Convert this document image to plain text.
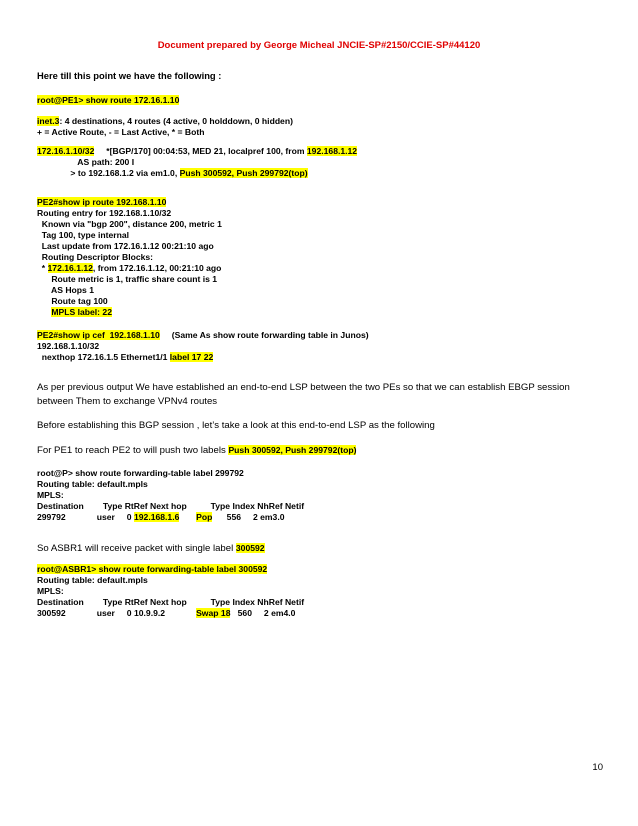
Document prepared by George Micheal JNCIE-SP#2150/CCIE-SP#44120
Here till this point we have the following :
root@PE1> show route 172.16.1.10
inet.3: 4 destinations, 4 routes (4 active, 0 holddown, 0 hidden)
+ = Active Route, - = Last Active, * = Both
172.16.1.10/32     *[BGP/170] 00:04:53, MED 21, localpref 100, from 192.168.1.12
AS path: 200 I
> to 192.168.1.2 via em1.0, Push 300592, Push 299792(top)
PE2#show ip route 192.168.1.10
Routing entry for 192.168.1.10/32
Known via "bgp 200", distance 200, metric 1
Tag 100, type internal
Last update from 172.16.1.12 00:21:10 ago
Routing Descriptor Blocks:
* 172.16.1.12, from 172.16.1.12, 00:21:10 ago
Route metric is 1, traffic share count is 1
AS Hops 1
Route tag 100
MPLS label: 22
PE2#show ip cef  192.168.1.10     (Same As show route forwarding table in Junos)
192.168.1.10/32
nexthop 172.16.1.5 Ethernet1/1 label 17 22
As per previous output We have established an end-to-end LSP between the two PEs so that we can establish EBGP session between Them to exchange VPNv4 routes
Before establishing this BGP session , let’s take a look at this end-to-end LSP as the following
For PE1 to reach PE2 to will push two labels Push 300592, Push 299792(top)
root@P> show route forwarding-table label 299792
Routing table: default.mpls
MPLS:
Destination        Type RtRef Next hop          Type Index NhRef Netif
299792             user     0 192.168.1.6 Pop      556     2 em3.0
So ASBR1 will receive packet with single label 300592
root@ASBR1> show route forwarding-table label 300592
Routing table: default.mpls
MPLS:
Destination        Type RtRef Next hop          Type Index NhRef Netif
300592             user     0 10.9.9.2             Swap 18   560     2 em4.0
10
